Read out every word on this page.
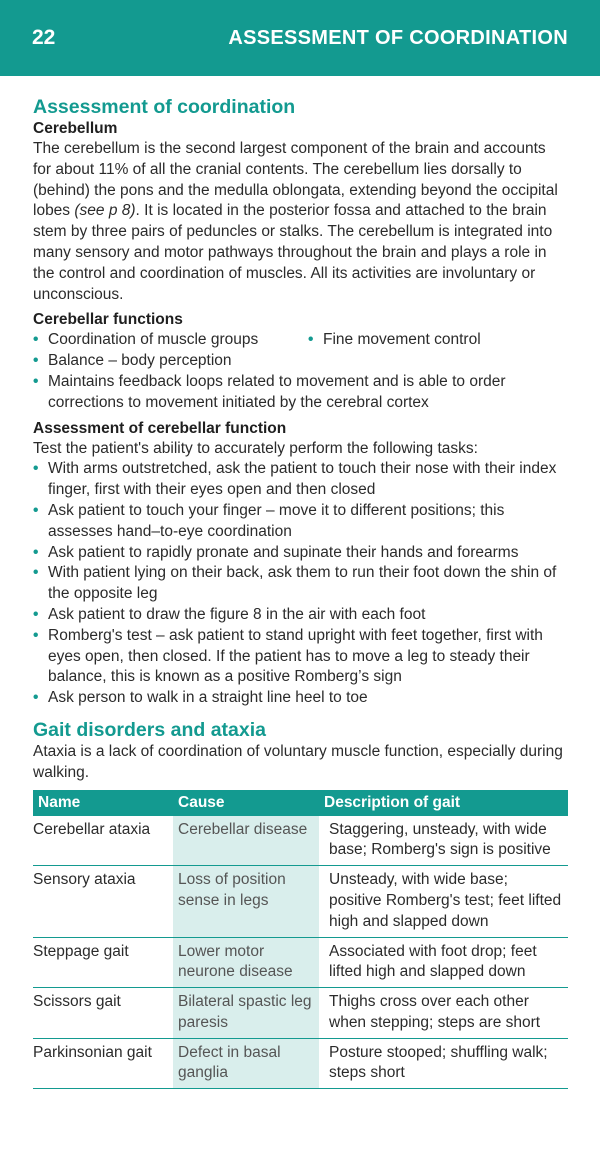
22	ASSESSMENT OF COORDINATION
Assessment of coordination
Cerebellum

The cerebellum is the second largest component of the brain and accounts for about 11% of all the cranial contents. The cerebellum lies dorsally to (behind) the pons and the medulla oblongata, extending beyond the occipital lobes (see p 8). It is located in the posterior fossa and attached to the brain stem by three pairs of peduncles or stalks. The cerebellum is integrated into many sensory and motor pathways throughout the brain and plays a role in the control and coordination of muscles. All its activities are involuntary or unconscious.

Cerebellar functions
• Coordination of muscle groups	• Fine movement control
• Balance – body perception
• Maintains feedback loops related to movement and is able to order corrections to movement initiated by the cerebral cortex
Assessment of cerebellar function

Test the patient's ability to accurately perform the following tasks:

• With arms outstretched, ask the patient to touch their nose with their index finger, first with their eyes open and then closed
• Ask patient to touch your finger – move it to different positions; this assesses hand–to-eye coordination
• Ask patient to rapidly pronate and supinate their hands and forearms
• With patient lying on their back, ask them to run their foot down the shin of the opposite leg
• Ask patient to draw the figure 8 in the air with each foot
• Romberg's test – ask patient to stand upright with feet together, first with eyes open, then closed. If the patient has to move a leg to steady their balance, this is known as a positive Romberg’s sign
• Ask person to walk in a straight line heel to toe
Gait disorders and ataxia

Ataxia is a lack of coordination of voluntary muscle function, especially during walking.

Name	Cause	Description of gait
Cerebellar ataxia	Cerebellar disease	Staggering, unsteady, with wide base; Romberg's sign is positive
Sensory ataxia	Loss of position sense in legs	Unsteady, with wide base; positive Romberg's test; feet lifted high and slapped down
Steppage gait	Lower motor neurone disease	Associated with foot drop; feet lifted high and slapped down
Scissors gait	Bilateral spastic leg paresis	Thighs cross over each other when stepping; steps are short
Parkinsonian gait	Defect in basal ganglia	Posture stooped; shuffling walk; steps short
